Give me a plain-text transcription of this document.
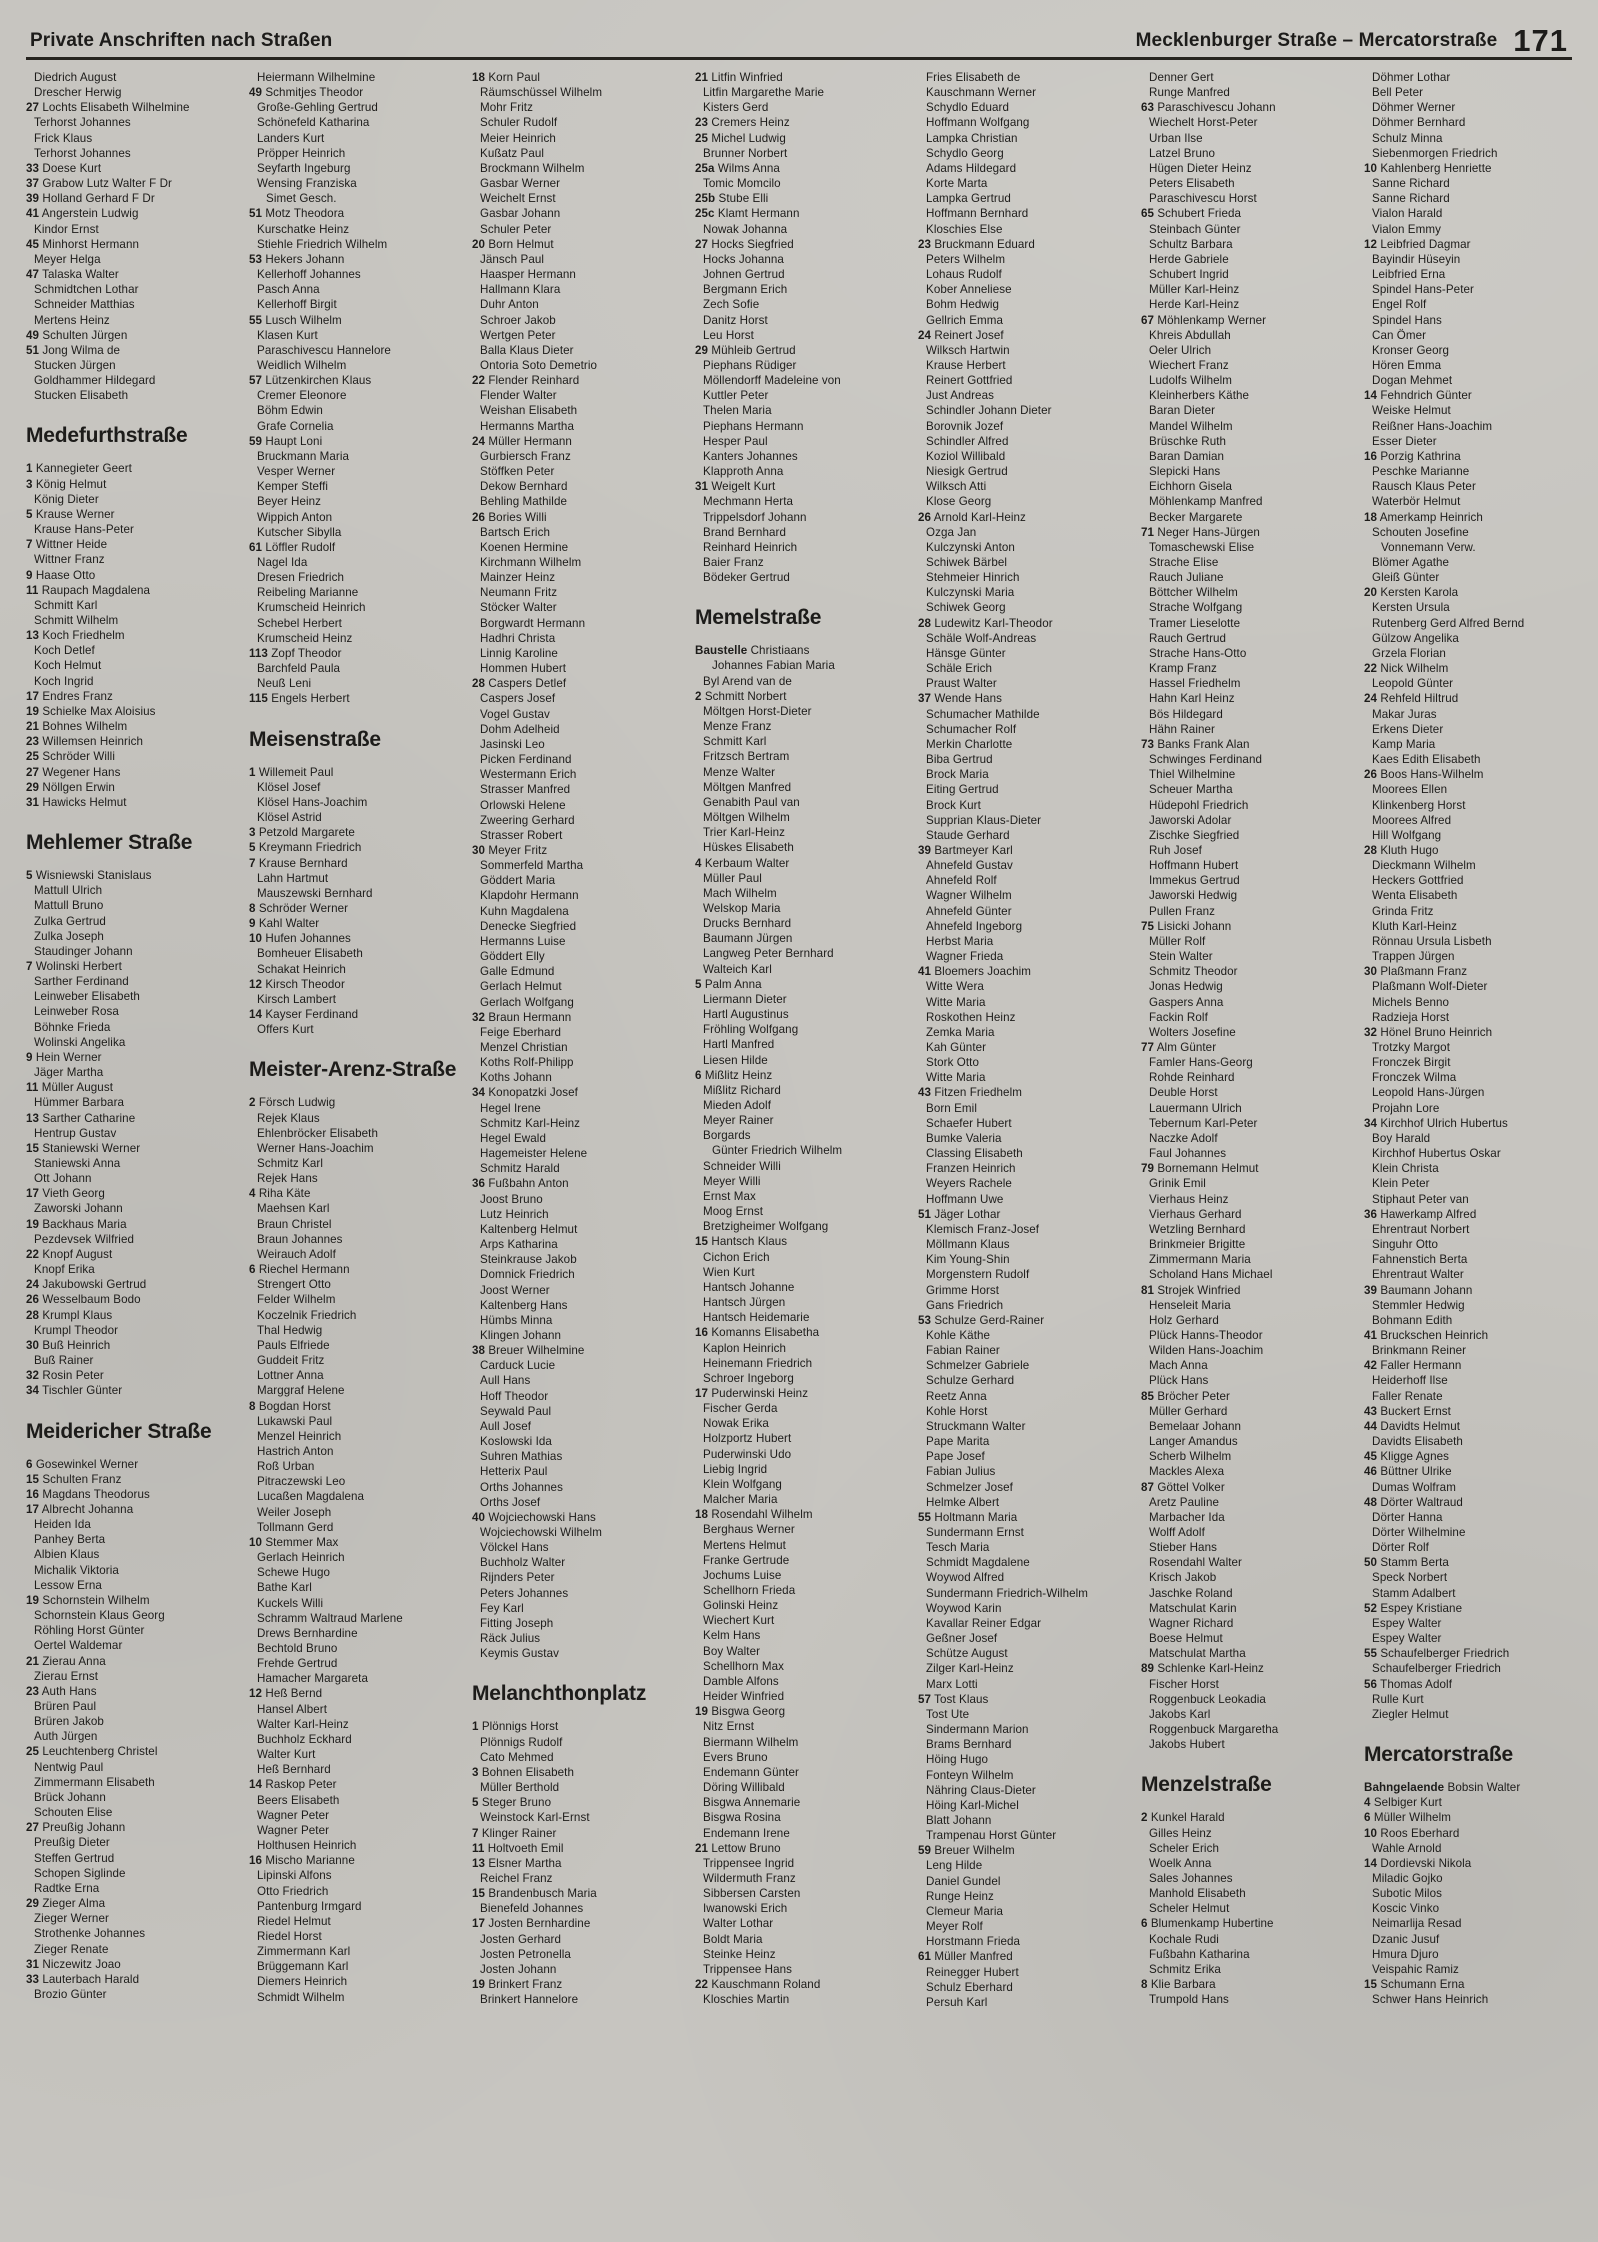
Private Anschriften nach Straßen	Mecklenburger Straße – Mercatorstraße 171
Diedrich August
Drescher Herwig
27 Lochts Elisabeth Wilhelmine
Terhorst Johannes
Frick Klaus
Terhorst Johannes
33 Doese Kurt
37 Grabow Lutz Walter F Dr
39 Holland Gerhard F Dr
41 Angerstein Ludwig
Kindor Ernst
45 Minhorst Hermann
Meyer Helga
47 Talaska Walter
Schmidtchen Lothar
Schneider Matthias
Mertens Heinz
49 Schulten Jürgen
51 Jong Wilma de
Stucken Jürgen
Goldhammer Hildegard
Stucken Elisabeth
Medefurthstraße
1 Kannegieter Geert
3 König Helmut
König Dieter
5 Krause Werner
Krause Hans-Peter
7 Wittner Heide
Wittner Franz
9 Haase Otto
11 Raupach Magdalena
Schmitt Karl
Schmitt Wilhelm
13 Koch Friedhelm
Koch Detlef
Koch Helmut
Koch Ingrid
17 Endres Franz
19 Schielke Max Aloisius
21 Bohnes Wilhelm
23 Willemsen Heinrich
25 Schröder Willi
27 Wegener Hans
29 Nöllgen Erwin
31 Hawicks Helmut
Mehlemer Straße
5 Wisniewski Stanislaus
Mattull Ulrich
Mattull Bruno
Zulka Gertrud
Zulka Joseph
Staudinger Johann
7 Wolinski Herbert
Sarther Ferdinand
Leinweber Elisabeth
Leinweber Rosa
Böhnke Frieda
Wolinski Angelika
9 Hein Werner
Jäger Martha
11 Müller August
Hümmer Barbara
13 Sarther Catharine
Hentrup Gustav
15 Staniewski Werner
Staniewski Anna
Ott Johann
17 Vieth Georg
Zaworski Johann
19 Backhaus Maria
Pezdevsek Wilfried
22 Knopf August
Knopf Erika
24 Jakubowski Gertrud
26 Wesselbaum Bodo
28 Krumpl Klaus
Krumpl Theodor
30 Buß Heinrich
Buß Rainer
32 Rosin Peter
34 Tischler Günter
Meidericher Straße
6 Gosewinkel Werner
15 Schulten Franz
16 Magdans Theodorus
17 Albrecht Johanna
Heiden Ida
Panhey Berta
Albien Klaus
Michalik Viktoria
Lessow Erna
19 Schornstein Wilhelm
Schornstein Klaus Georg
Röhling Horst Günter
Oertel Waldemar
21 Zierau Anna
Zierau Ernst
23 Auth Hans
Brüren Paul
Brüren Jakob
Auth Jürgen
25 Leuchtenberg Christel
Nentwig Paul
Zimmermann Elisabeth
Brück Johann
Schouten Elise
27 Preußig Johann
Preußig Dieter
Steffen Gertrud
Schopen Siglinde
Radtke Erna
29 Zieger Alma
Zieger Werner
Strothenke Johannes
Zieger Renate
31 Niczewitz Joao
33 Lauterbach Harald
Brozio Günter
Heiermann Wilhelmine
49 Schmitjes Theodor
Große-Gehling Gertrud
Schönefeld Katharina
Landers Kurt
Pröpper Heinrich
Seyfarth Ingeburg
Wensing Franziska
Simet Gesch.
51 Motz Theodora
Kurschatke Heinz
Stiehle Friedrich Wilhelm
53 Hekers Johann
Kellerhoff Johannes
Pasch Anna
Kellerhoff Birgit
55 Lusch Wilhelm
Klasen Kurt
Paraschivescu Hannelore
Weidlich Wilhelm
57 Lützenkirchen Klaus
Cremer Eleonore
Böhm Edwin
Grafe Cornelia
59 Haupt Loni
Bruckmann Maria
Vesper Werner
Kemper Steffi
Beyer Heinz
Wippich Anton
Kutscher Sibylla
61 Löffler Rudolf
Nagel Ida
Dresen Friedrich
Reibeling Marianne
Krumscheid Heinrich
Schebel Herbert
Krumscheid Heinz
113 Zopf Theodor
Barchfeld Paula
Neuß Leni
115 Engels Herbert
Meisenstraße
1 Willemeit Paul
Klösel Josef
Klösel Hans-Joachim
Klösel Astrid
3 Petzold Margarete
5 Kreymann Friedrich
7 Krause Bernhard
Lahn Hartmut
Mauszewski Bernhard
8 Schröder Werner
9 Kahl Walter
10 Hufen Johannes
Bomheuer Elisabeth
Schakat Heinrich
12 Kirsch Theodor
Kirsch Lambert
14 Kayser Ferdinand
Offers Kurt
Meister-Arenz-Straße
2 Försch Ludwig
Rejek Klaus
Ehlenbröcker Elisabeth
Werner Hans-Joachim
Schmitz Karl
Rejek Hans
4 Riha Käte
Maehsen Karl
Braun Christel
Braun Johannes
Weirauch Adolf
6 Riechel Hermann
Strengert Otto
Felder Wilhelm
Koczelnik Friedrich
Thal Hedwig
Pauls Elfriede
Guddeit Fritz
Lottner Anna
Marggraf Helene
8 Bogdan Horst
Lukawski Paul
Menzel Heinrich
Hastrich Anton
Roß Urban
Pitraczewski Leo
Lucaßen Magdalena
Weiler Joseph
Tollmann Gerd
10 Stemmer Max
Gerlach Heinrich
Schewe Hugo
Bathe Karl
Kuckels Willi
Schramm Waltraud Marlene
Drews Bernhardine
Bechtold Bruno
Frehde Gertrud
Hamacher Margareta
12 Heß Bernd
Hansel Albert
Walter Karl-Heinz
Buchholz Eckhard
Walter Kurt
Heß Bernhard
14 Raskop Peter
Beers Elisabeth
Wagner Peter
Wagner Peter
Holthusen Heinrich
16 Mischo Marianne
Lipinski Alfons
Otto Friedrich
Pantenburg Irmgard
Riedel Helmut
Riedel Horst
Zimmermann Karl
Brüggemann Karl
Diemers Heinrich
Schmidt Wilhelm
18 Korn Paul
Räumschüssel Wilhelm
Mohr Fritz
Schuler Rudolf
Meier Heinrich
Kußatz Paul
Brockmann Wilhelm
Gasbar Werner
Weichelt Ernst
Gasbar Johann
Schuler Peter
20 Born Helmut
Jänsch Paul
Haasper Hermann
Hallmann Klara
Duhr Anton
Schroer Jakob
Wertgen Peter
Balla Klaus Dieter
Ontoria Soto Demetrio
22 Flender Reinhard
Flender Walter
Weishan Elisabeth
Hermanns Martha
24 Müller Hermann
Gurbiersch Franz
Stöffken Peter
Dekow Bernhard
Behling Mathilde
26 Bories Willi
Bartsch Erich
Koenen Hermine
Kirchmann Wilhelm
Mainzer Heinz
Neumann Fritz
Stöcker Walter
Borgwardt Hermann
Hadhri Christa
Linnig Karoline
Hommen Hubert
28 Caspers Detlef
Caspers Josef
Vogel Gustav
Dohm Adelheid
Jasinski Leo
Picken Ferdinand
Westermann Erich
Strasser Manfred
Orlowski Helene
Zweering Gerhard
Strasser Robert
30 Meyer Fritz
Sommerfeld Martha
Göddert Maria
Klapdohr Hermann
Kuhn Magdalena
Denecke Siegfried
Hermanns Luise
Göddert Elly
Galle Edmund
Gerlach Helmut
Gerlach Wolfgang
32 Braun Hermann
Feige Eberhard
Menzel Christian
Koths Rolf-Philipp
Koths Johann
34 Konopatzki Josef
Hegel Irene
Schmitz Karl-Heinz
Hegel Ewald
Hagemeister Helene
Schmitz Harald
36 Fußbahn Anton
Joost Bruno
Lutz Heinrich
Kaltenberg Helmut
Arps Katharina
Steinkrause Jakob
Domnick Friedrich
Joost Werner
Kaltenberg Hans
Hümbs Minna
Klingen Johann
38 Breuer Wilhelmine
Carduck Lucie
Aull Hans
Hoff Theodor
Seywald Paul
Aull Josef
Koslowski Ida
Suhren Mathias
Hetterix Paul
Orths Johannes
Orths Josef
40 Wojciechowski Hans
Wojciechowski Wilhelm
Völckel Hans
Buchholz Walter
Rijnders Peter
Peters Johannes
Fey Karl
Fitting Joseph
Räck Julius
Keymis Gustav
Melanchthonplatz
1 Plönnigs Horst
Plönnigs Rudolf
Cato Mehmed
3 Bohnen Elisabeth
Müller Berthold
5 Steger Bruno
Weinstock Karl-Ernst
7 Klinger Rainer
11 Holtvoeth Emil
13 Elsner Martha
Reichel Franz
15 Brandenbusch Maria
Bienefeld Johannes
17 Josten Bernhardine
Josten Gerhard
Josten Petronella
Josten Johann
19 Brinkert Franz
Brinkert Hannelore
21 Litfin Winfried
Litfin Margarethe Marie
Kisters Gerd
23 Cremers Heinz
25 Michel Ludwig
Brunner Norbert
25a Wilms Anna
Tomic Momcilo
25b Stube Elli
25c Klamt Hermann
Nowak Johanna
27 Hocks Siegfried
Hocks Johanna
Johnen Gertrud
Bergmann Erich
Zech Sofie
Danitz Horst
Leu Horst
29 Mühleib Gertrud
Piephans Rüdiger
Möllendorff Madeleine von
Kuttler Peter
Thelen Maria
Piephans Hermann
Hesper Paul
Kanters Johannes
Klapproth Anna
31 Weigelt Kurt
Mechmann Herta
Trippelsdorf Johann
Brand Bernhard
Reinhard Heinrich
Baier Franz
Bödeker Gertrud
Memelstraße
Baustelle Christiaans
Johannes Fabian Maria
Byl Arend van de
2 Schmitt Norbert
Möltgen Horst-Dieter
Menze Franz
Schmitt Karl
Fritzsch Bertram
Menze Walter
Möltgen Manfred
Genabith Paul van
Möltgen Wilhelm
Trier Karl-Heinz
Hüskes Elisabeth
4 Kerbaum Walter
Müller Paul
Mach Wilhelm
Welskop Maria
Drucks Bernhard
Baumann Jürgen
Langweg Peter Bernhard
Walteich Karl
5 Palm Anna
Liermann Dieter
Hartl Augustinus
Fröhling Wolfgang
Hartl Manfred
Liesen Hilde
6 Mißlitz Heinz
Mißlitz Richard
Mieden Adolf
Meyer Rainer
Borgards
Günter Friedrich Wilhelm
Schneider Willi
Meyer Willi
Ernst Max
Moog Ernst
Bretzigheimer Wolfgang
15 Hantsch Klaus
Cichon Erich
Wien Kurt
Hantsch Johanne
Hantsch Jürgen
Hantsch Heidemarie
16 Komanns Elisabetha
Kaplon Heinrich
Heinemann Friedrich
Schroer Ingeborg
17 Puderwinski Heinz
Fischer Gerda
Nowak Erika
Holzportz Hubert
Puderwinski Udo
Liebig Ingrid
Klein Wolfgang
Malcher Maria
18 Rosendahl Wilhelm
Berghaus Werner
Mertens Helmut
Franke Gertrude
Jochums Luise
Schellhorn Frieda
Golinski Heinz
Wiechert Kurt
Kelm Hans
Boy Walter
Schellhorn Max
Damble Alfons
Heider Winfried
19 Bisgwa Georg
Nitz Ernst
Biermann Wilhelm
Evers Bruno
Endemann Günter
Döring Willibald
Bisgwa Annemarie
Bisgwa Rosina
Endemann Irene
21 Lettow Bruno
Trippensee Ingrid
Wildermuth Franz
Sibbersen Carsten
Iwanowski Erich
Walter Lothar
Boldt Maria
Steinke Heinz
Trippensee Hans
22 Kauschmann Roland
Kloschies Martin
Fries Elisabeth de
Kauschmann Werner
Schydlo Eduard
Hoffmann Wolfgang
Lampka Christian
Schydlo Georg
Adams Hildegard
Korte Marta
Lampka Gertrud
Hoffmann Bernhard
Kloschies Else
23 Bruckmann Eduard
Peters Wilhelm
Lohaus Rudolf
Kober Anneliese
Bohm Hedwig
Gellrich Emma
24 Reinert Josef
Wilksch Hartwin
Krause Herbert
Reinert Gottfried
Just Andreas
Schindler Johann Dieter
Borovnik Jozef
Schindler Alfred
Koziol Willibald
Niesigk Gertrud
Wilksch Atti
Klose Georg
26 Arnold Karl-Heinz
Ozga Jan
Kulczynski Anton
Schiwek Bärbel
Stehmeier Hinrich
Kulczynski Maria
Schiwek Georg
28 Ludewitz Karl-Theodor
Schäle Wolf-Andreas
Hänsge Günter
Schäle Erich
Praust Walter
37 Wende Hans
Schumacher Mathilde
Schumacher Rolf
Merkin Charlotte
Biba Gertrud
Brock Maria
Eiting Gertrud
Brock Kurt
Supprian Klaus-Dieter
Staude Gerhard
39 Bartmeyer Karl
Ahnefeld Gustav
Ahnefeld Rolf
Wagner Wilhelm
Ahnefeld Günter
Ahnefeld Ingeborg
Herbst Maria
Wagner Frieda
41 Bloemers Joachim
Witte Wera
Witte Maria
Roskothen Heinz
Zemka Maria
Kah Günter
Stork Otto
Witte Maria
43 Fitzen Friedhelm
Born Emil
Schaefer Hubert
Bumke Valeria
Classing Elisabeth
Franzen Heinrich
Weyers Rachele
Hoffmann Uwe
51 Jäger Lothar
Klemisch Franz-Josef
Möllmann Klaus
Kim Young-Shin
Morgenstern Rudolf
Grimme Horst
Gans Friedrich
53 Schulze Gerd-Rainer
Kohle Käthe
Fabian Rainer
Schmelzer Gabriele
Schulze Gerhard
Reetz Anna
Kohle Horst
Struckmann Walter
Pape Marita
Pape Josef
Fabian Julius
Schmelzer Josef
Helmke Albert
55 Holtmann Maria
Sundermann Ernst
Tesch Maria
Schmidt Magdalene
Woywod Alfred
Sundermann Friedrich-Wilhelm
Woywod Karin
Kavallar Reiner Edgar
Geßner Josef
Schütze August
Zilger Karl-Heinz
Marx Lotti
57 Tost Klaus
Tost Ute
Sindermann Marion
Brams Bernhard
Höing Hugo
Fonteyn Wilhelm
Nähring Claus-Dieter
Höing Karl-Michel
Blatt Johann
Trampenau Horst Günter
59 Breuer Wilhelm
Leng Hilde
Daniel Gundel
Runge Heinz
Clemeur Maria
Meyer Rolf
Horstmann Frieda
61 Müller Manfred
Reinegger Hubert
Schulz Eberhard
Persuh Karl
Denner Gert
Runge Manfred
63 Paraschivescu Johann
Wiechelt Horst-Peter
Urban Ilse
Latzel Bruno
Hügen Dieter Heinz
Peters Elisabeth
Paraschivescu Horst
65 Schubert Frieda
Steinbach Günter
Schultz Barbara
Herde Gabriele
Schubert Ingrid
Müller Karl-Heinz
Herde Karl-Heinz
67 Möhlenkamp Werner
Khreis Abdullah
Oeler Ulrich
Wiechert Franz
Ludolfs Wilhelm
Kleinherbers Käthe
Baran Dieter
Mandel Wilhelm
Brüschke Ruth
Baran Damian
Slepicki Hans
Eichhorn Gisela
Möhlenkamp Manfred
Becker Margarete
71 Neger Hans-Jürgen
Tomaschewski Elise
Strache Elise
Rauch Juliane
Böttcher Wilhelm
Strache Wolfgang
Tramer Lieselotte
Rauch Gertrud
Strache Hans-Otto
Kramp Franz
Hassel Friedhelm
Hahn Karl Heinz
Bös Hildegard
Hähn Rainer
73 Banks Frank Alan
Schwinges Ferdinand
Thiel Wilhelmine
Scheuer Martha
Hüdepohl Friedrich
Jaworski Adolar
Zischke Siegfried
Ruh Josef
Hoffmann Hubert
Immekus Gertrud
Jaworski Hedwig
Pullen Franz
75 Lisicki Johann
Müller Rolf
Stein Walter
Schmitz Theodor
Jonas Hedwig
Gaspers Anna
Fackin Rolf
Wolters Josefine
77 Alm Günter
Famler Hans-Georg
Rohde Reinhard
Deuble Horst
Lauermann Ulrich
Tebernum Karl-Peter
Naczke Adolf
Faul Johannes
79 Bornemann Helmut
Grinik Emil
Vierhaus Heinz
Vierhaus Gerhard
Wetzling Bernhard
Brinkmeier Brigitte
Zimmermann Maria
Scholand Hans Michael
81 Strojek Winfried
Henseleit Maria
Holz Gerhard
Plück Hanns-Theodor
Wilden Hans-Joachim
Mach Anna
Plück Hans
85 Bröcher Peter
Müller Gerhard
Bemelaar Johann
Langer Amandus
Scherb Wilhelm
Mackles Alexa
87 Göttel Volker
Aretz Pauline
Marbacher Ida
Wolff Adolf
Stieber Hans
Rosendahl Walter
Krisch Jakob
Jaschke Roland
Matschulat Karin
Wagner Richard
Boese Helmut
Matschulat Martha
89 Schlenke Karl-Heinz
Fischer Horst
Roggenbuck Leokadia
Jakobs Karl
Roggenbuck Margaretha
Jakobs Hubert
Menzelstraße
2 Kunkel Harald
Gilles Heinz
Scheler Erich
Woelk Anna
Sales Johannes
Manhold Elisabeth
Scheler Helmut
6 Blumenkamp Hubertine
Kochale Rudi
Fußbahn Katharina
Schmitz Erika
8 Klie Barbara
Trumpold Hans
Döhmer Lothar
Bell Peter
Döhmer Werner
Döhmer Bernhard
Schulz Minna
Siebenmorgen Friedrich
10 Kahlenberg Henriette
Sanne Richard
Sanne Richard
Vialon Harald
Vialon Emmy
12 Leibfried Dagmar
Bayindir Hüseyin
Leibfried Erna
Spindel Hans-Peter
Engel Rolf
Spindel Hans
Can Ömer
Kronser Georg
Hören Emma
Dogan Mehmet
14 Fehndrich Günter
Weiske Helmut
Reißner Hans-Joachim
Esser Dieter
16 Porzig Kathrina
Peschke Marianne
Rausch Klaus Peter
Waterbör Helmut
18 Amerkamp Heinrich
Schouten Josefine
Vonnemann Verw.
Blömer Agathe
Gleiß Günter
20 Kersten Karola
Kersten Ursula
Rutenberg Gerd Alfred Bernd
Gülzow Angelika
Grzela Florian
22 Nick Wilhelm
Leopold Günter
24 Rehfeld Hiltrud
Makar Juras
Erkens Dieter
Kamp Maria
Kaes Edith Elisabeth
26 Boos Hans-Wilhelm
Moorees Ellen
Klinkenberg Horst
Moorees Alfred
Hill Wolfgang
28 Kluth Hugo
Dieckmann Wilhelm
Heckers Gottfried
Wenta Elisabeth
Grinda Fritz
Kluth Karl-Heinz
Rönnau Ursula Lisbeth
Trappen Jürgen
30 Plaßmann Franz
Plaßmann Wolf-Dieter
Michels Benno
Radzieja Horst
32 Hönel Bruno Heinrich
Trotzky Margot
Fronczek Birgit
Fronczek Wilma
Leopold Hans-Jürgen
Projahn Lore
34 Kirchhof Ulrich Hubertus
Boy Harald
Kirchhof Hubertus Oskar
Klein Christa
Klein Peter
Stiphaut Peter van
36 Hawerkamp Alfred
Ehrentraut Norbert
Singuhr Otto
Fahnenstich Berta
Ehrentraut Walter
39 Baumann Johann
Stemmler Hedwig
Bohmann Edith
41 Bruckschen Heinrich
Brinkmann Reiner
42 Faller Hermann
Heiderhoff Ilse
Faller Renate
43 Buckert Ernst
44 Davidts Helmut
Davidts Elisabeth
45 Kligge Agnes
46 Büttner Ulrike
Dumas Wolfram
48 Dörter Waltraud
Dörter Hanna
Dörter Wilhelmine
Dörter Rolf
50 Stamm Berta
Speck Norbert
Stamm Adalbert
52 Espey Kristiane
Espey Walter
Espey Walter
55 Schaufelberger Friedrich
Schaufelberger Friedrich
56 Thomas Adolf
Rulle Kurt
Ziegler Helmut
Mercatorstraße
Bahngelaende Bobsin Walter
4 Selbiger Kurt
6 Müller Wilhelm
10 Roos Eberhard
Wahle Arnold
14 Dordievski Nikola
Miladic Gojko
Subotic Milos
Koscic Vinko
Neimarlija Resad
Dzanic Jusuf
Hmura Djuro
Veispahic Ramiz
15 Schumann Erna
Schwer Hans Heinrich
